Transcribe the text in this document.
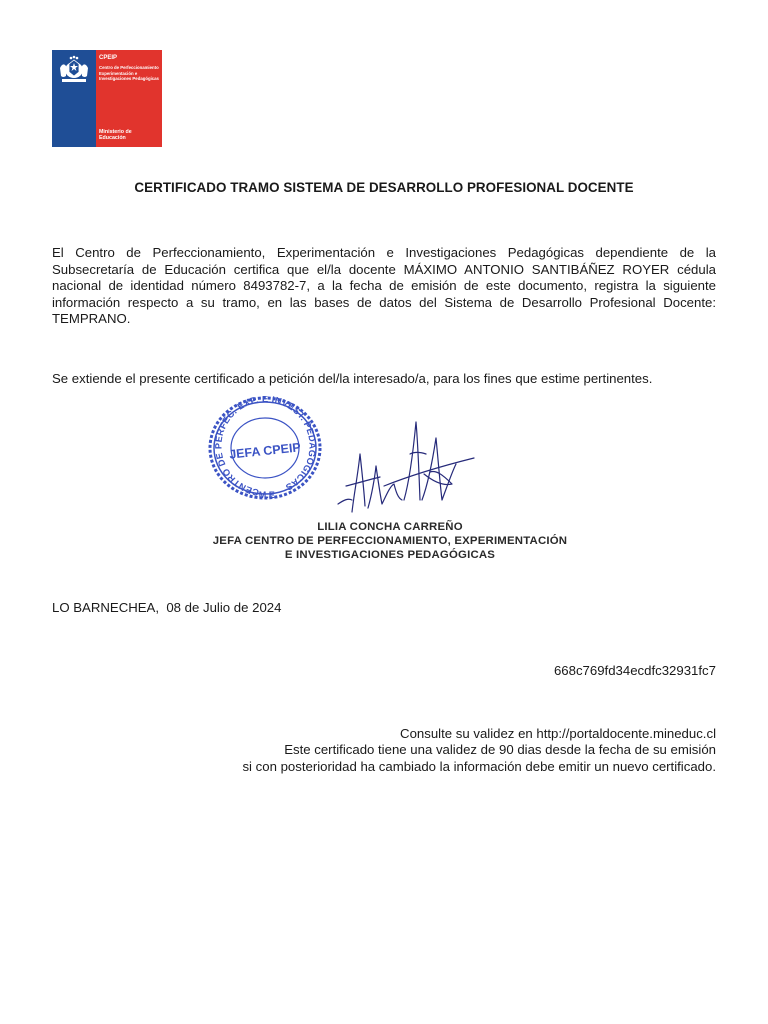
CPEIP
Centro de Perfeccionamiento Experimentación e Investigaciones Pedagógicas
Ministerio de
Educación
CERTIFICADO TRAMO SISTEMA DE DESARROLLO PROFESIONAL DOCENTE
El Centro de Perfeccionamiento, Experimentación e Investigaciones Pedagógicas dependiente de la Subsecretaría de Educación certifica que el/la docente MÁXIMO ANTONIO SANTIBÁÑEZ ROYER cédula nacional de identidad número 8493782-7, a la fecha de emisión de este documento, registra la siguiente información respecto a su tramo, en las bases de datos del Sistema de Desarrollo Profesional Docente: TEMPRANO.
Se extiende el presente certificado a petición del/la interesado/a, para los fines que estime pertinentes.
CENTRO DE PERFEC. EXP. E INVEST. PEDAGOGICAS
JEFA CPEIP
M.E.
LILIA CONCHA CARREÑO
JEFA CENTRO DE PERFECCIONAMIENTO, EXPERIMENTACIÓN
E INVESTIGACIONES PEDAGÓGICAS
LO BARNECHEA,  08 de Julio de 2024
668c769fd34ecdfc32931fc7
Consulte su validez en http://portaldocente.mineduc.cl
Este certificado tiene una validez de 90 dias desde la fecha de su emisión
si con posterioridad ha cambiado la información debe emitir un nuevo certificado.
